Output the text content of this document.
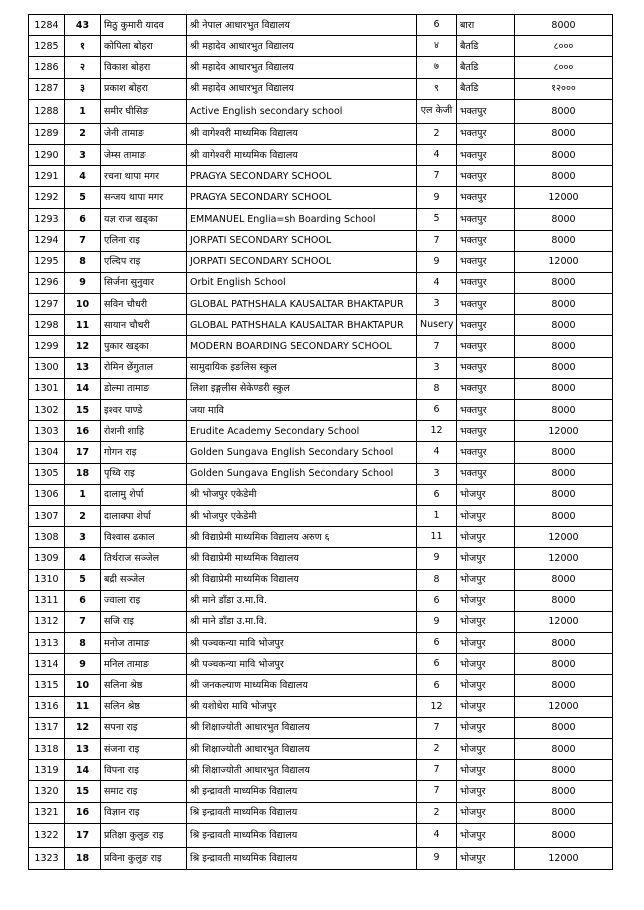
1284	43	मिठु कुमारी यादव	श्री नेपाल आधारभुत विद्यालय	6	बारा	8000
1285	१	कोपिला बोहरा	श्री महादेव आधारभुत विद्यालय	४	बैतडि	८०००
1286	२	विकाश बोहरा	श्री महादेव आधारभुत विद्यालय	७	बैतडि	८०००
1287	३	प्रकाश बोहरा	श्री महादेव आधारभुत विद्यालय	९	बैतडि	१२०००
1288	1	समीर घीसिङ	Active English secondary school	एल केजी	भक्तपुर	8000
1289	2	जेनी तामाङ	श्री वागेश्वरी माध्यमिक विद्यालय	2	भक्तपुर	8000
1290	3	जेम्स तामाङ	श्री वागेश्वरी माध्यमिक विद्यालय	4	भक्तपुर	8000
1291	4	रचना थापा मगर	PRAGYA SECONDARY SCHOOL	7	भक्तपुर	8000
1292	5	सन्जय थापा मगर	PRAGYA SECONDARY SCHOOL	9	भक्तपुर	12000
1293	6	यज्ञ राज खड्का	EMMANUEL Englia=sh Boarding School	5	भक्तपुर	8000
1294	7	एलिना राइ	JORPATI SECONDARY SCHOOL	7	भक्तपुर	8000
1295	8	एल्दिप राइ	JORPATI SECONDARY SCHOOL	9	भक्तपुर	12000
1296	9	सिर्जना सुनुवार	Orbit English School	4	भक्तपुर	8000
1297	10	सविन चौधरी	GLOBAL PATHSHALA KAUSALTAR BHAKTAPUR	3	भक्तपुर	8000
1298	11	सायान चौधरी	GLOBAL PATHSHALA KAUSALTAR BHAKTAPUR	Nusery	भक्तपुर	8000
1299	12	पुकार खड्का	MODERN BOARDING SECONDARY SCHOOL	7	भक्तपुर	8000
1300	13	रोमिन छेंगुताल	सामुदायिक इङलिस स्कुल	3	भक्तपुर	8000
1301	14	डोल्मा तामाङ	लिशा इङ्गलीस सेकेण्डरी स्कुल	8	भक्तपुर	8000
1302	15	इश्वर पाण्डे	जया मावि	6	भक्तपुर	8000
1303	16	रोशनी शाहि	Erudite Academy Secondary School	12	भक्तपुर	12000
1304	17	गोगन राइ	Golden Sungava English Secondary School	4	भक्तपुर	8000
1305	18	पृथ्वि राइ	Golden Sungava English Secondary School	3	भक्तपुर	8000
1306	1	दालामु शेर्पा	श्री भोजपुर एकेडेमी	6	भोजपुर	8000
1307	2	दालाक्पा शेर्पा	श्री भोजपुर एकेडेमी	1	भोजपुर	8000
1308	3	विश्वास ढकाल	श्री विद्याप्रेमी माध्यमिक विद्यालय अरुण ६	11	भोजपुर	12000
1309	4	तिर्थराज सञ्जेल	श्री विद्याप्रेमी माध्यमिक विद्यालय	9	भोजपुर	12000
1310	5	बद्री सञ्जेल	श्री विद्याप्रेमी माध्यमिक विद्यालय	8	भोजपुर	8000
1311	6	ज्वाला राइ	श्री माने डाँडा उ.मा.वि.	6	भोजपुर	8000
1312	7	सजि राइ	श्री माने डाँडा उ.मा.वि.	9	भोजपुर	12000
1313	8	मनोज तामाङ	श्री पञ्चकन्या मावि भोजपुर	6	भोजपुर	8000
1314	9	मनिल तामाङ	श्री पञ्चकन्या मावि भोजपुर	6	भोजपुर	8000
1315	10	सलिना श्रेष्ठ	श्री जनकल्याण माध्यमिक विद्यालय	6	भोजपुर	8000
1316	11	सलिन श्रेष्ठ	श्री यशोधेरा मावि भोजपुर	12	भोजपुर	12000
1317	12	सपना राइ	श्री शिक्षाज्योती आधारभुत विद्यालय	7	भोजपुर	8000
1318	13	संजना राइ	श्री शिक्षाज्योती आधारभुत विद्यालय	2	भोजपुर	8000
1319	14	विपना राइ	श्री शिक्षाज्योती आधारभुत विद्यालय	7	भोजपुर	8000
1320	15	समाट राइ	श्री इन्द्रावती माध्यमिक विद्यालय	7	भोजपुर	8000
1321	16	विज्ञान राइ	श्रि इन्द्रावती माध्यमिक विद्यालय	2	भोजपुर	8000
1322	17	प्रतिक्षा कुलुङ राइ	श्रि इन्द्रावती माध्यमिक विद्यालय	4	भोजपुर	8000
1323	18	प्रविना कुलुङ राइ	श्रि इन्द्रावती माध्यमिक विद्यालय	9	भोजपुर	12000
